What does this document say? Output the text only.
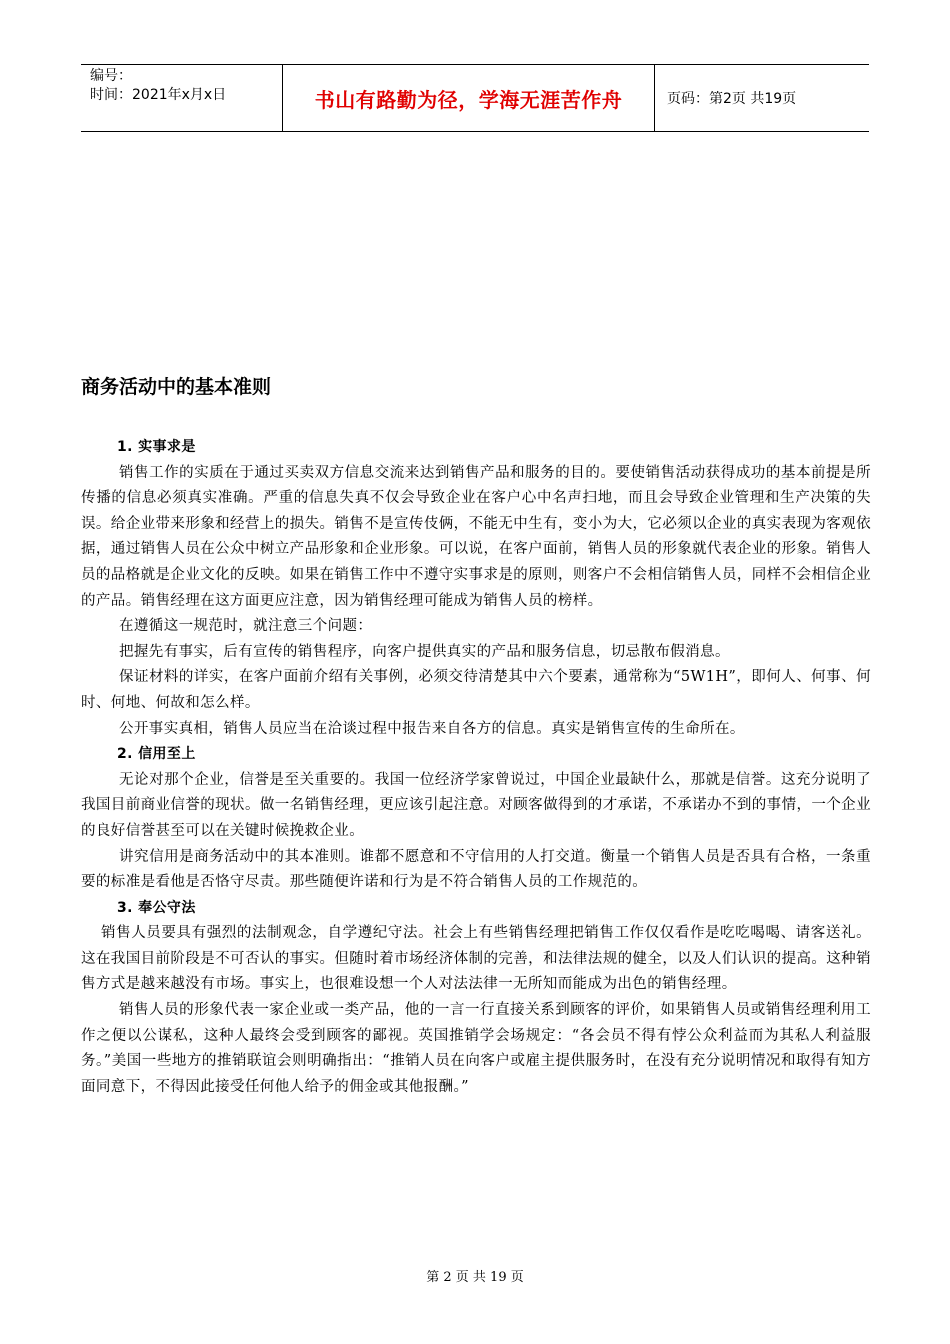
编号：
时间：2021年x月x日	书山有路勤为径，学海无涯苦作舟	页码：第2页 共19页
商务活动中的基本准则

1. 实事求是

销售工作的实质在于通过买卖双方信息交流来达到销售产品和服务的目的。要使销售活动获得成功的基本前提是所传播的信息必须真实准确。严重的信息失真不仅会导致企业在客户心中名声扫地，而且会导致企业管理和生产决策的失误。给企业带来形象和经营上的损失。销售不是宣传伎俩，不能无中生有，变小为大，它必须以企业的真实表现为客观依据，通过销售人员在公众中树立产品形象和企业形象。可以说，在客户面前，销售人员的形象就代表企业的形象。销售人员的品格就是企业文化的反映。如果在销售工作中不遵守实事求是的原则，则客户不会相信销售人员，同样不会相信企业的产品。销售经理在这方面更应注意，因为销售经理可能成为销售人员的榜样。

在遵循这一规范时，就注意三个问题：

把握先有事实，后有宣传的销售程序，向客户提供真实的产品和服务信息，切忌散布假消息。

保证材料的详实，在客户面前介绍有关事例，必须交待清楚其中六个要素，通常称为“5W1H”，即何人、何事、何时、何地、何故和怎么样。

公开事实真相，销售人员应当在洽谈过程中报告来自各方的信息。真实是销售宣传的生命所在。

2. 信用至上

无论对那个企业，信誉是至关重要的。我国一位经济学家曾说过，中国企业最缺什么，那就是信誉。这充分说明了我国目前商业信誉的现状。做一名销售经理，更应该引起注意。对顾客做得到的才承诺，不承诺办不到的事情，一个企业的良好信誉甚至可以在关键时候挽救企业。

讲究信用是商务活动中的其本准则。谁都不愿意和不守信用的人打交道。衡量一个销售人员是否具有合格，一条重要的标准是看他是否恪守尽责。那些随便许诺和行为是不符合销售人员的工作规范的。

3. 奉公守法

销售人员要具有强烈的法制观念，自学遵纪守法。社会上有些销售经理把销售工作仅仅看作是吃吃喝喝、请客送礼。这在我国目前阶段是不可否认的事实。但随时着市场经济体制的完善，和法律法规的健全，以及人们认识的提高。这种销售方式是越来越没有市场。事实上，也很难设想一个人对法法律一无所知而能成为出色的销售经理。

销售人员的形象代表一家企业或一类产品，他的一言一行直接关系到顾客的评价，如果销售人员或销售经理利用工作之便以公谋私，这种人最终会受到顾客的鄙视。英国推销学会场规定：“各会员不得有悖公众利益而为其私人利益服务。”美国一些地方的推销联谊会则明确指出：“推销人员在向客户或雇主提供服务时，在没有充分说明情况和取得有知方面同意下，不得因此接受任何他人给予的佣金或其他报酬。”

第 2 页 共 19 页
